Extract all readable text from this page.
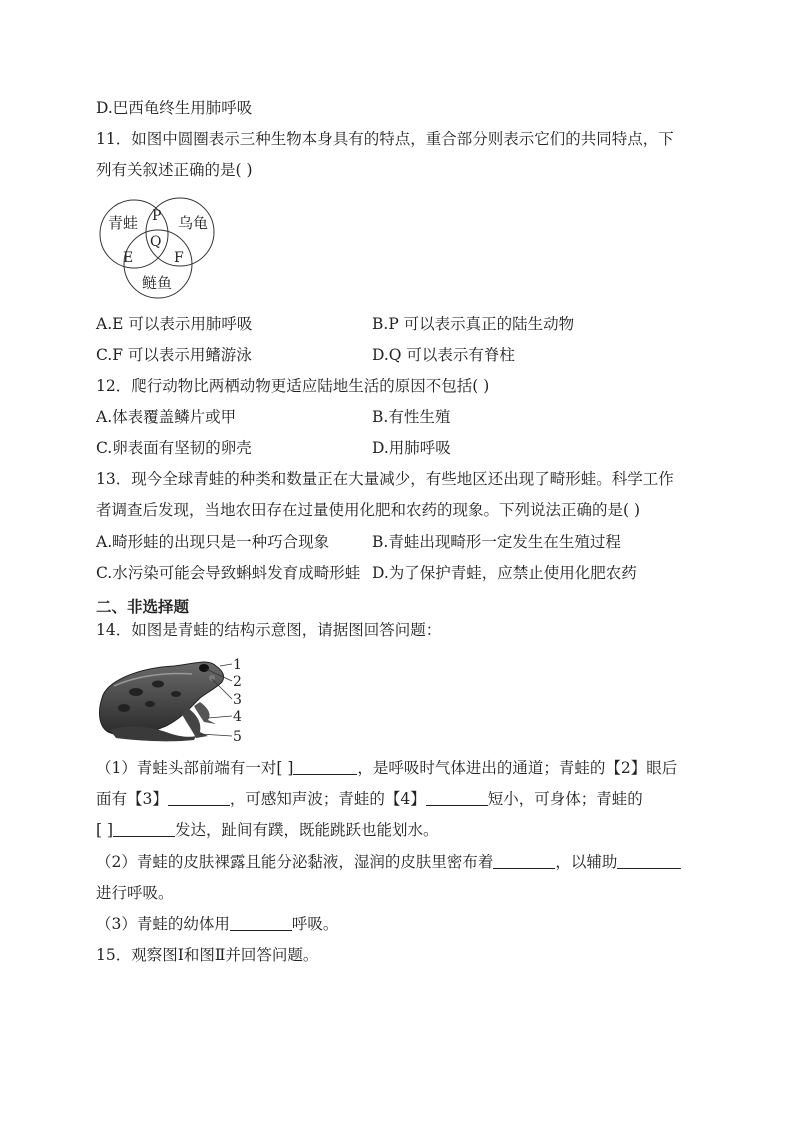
D.巴西龟终生用肺呼吸
11．如图中圆圈表示三种生物本身具有的特点，重合部分则表示它们的共同特点，下
列有关叙述正确的是( )
青蛙	乌龟
鲢鱼
P
Q
E	F
A.E 可以表示用肺呼吸	B.P 可以表示真正的陆生动物
C.F 可以表示用鳍游泳	D.Q 可以表示有脊柱
12．爬行动物比两栖动物更适应陆地生活的原因不包括( )
A.体表覆盖鳞片或甲	B.有性生殖
C.卵表面有坚韧的卵壳	D.用肺呼吸
13．现今全球青蛙的种类和数量正在大量减少，有些地区还出现了畸形蛙。科学工作
者调查后发现，当地农田存在过量使用化肥和农药的现象。下列说法正确的是( )
A.畸形蛙的出现只是一种巧合现象	B.青蛙出现畸形一定发生在生殖过程
C.水污染可能会导致蝌蚪发育成畸形蛙 D.为了保护青蛙，应禁止使用化肥农药
二、非选择题
14．如图是青蛙的结构示意图，请据图回答问题：
1
2
3
4
5
（1）青蛙头部前端有一对[ ]	，是呼吸时气体进出的通道；青蛙的【2】眼后
面有【3】	，可感知声波；青蛙的【4】	短小，可身体；青蛙的
[ ]	发达，趾间有蹼，既能跳跃也能划水。
（2）青蛙的皮肤裸露且能分泌黏液，湿润的皮肤里密布着	，以辅助
进行呼吸。
（3）青蛙的幼体用	呼吸。
15．观察图Ⅰ和图Ⅱ并回答问题。
